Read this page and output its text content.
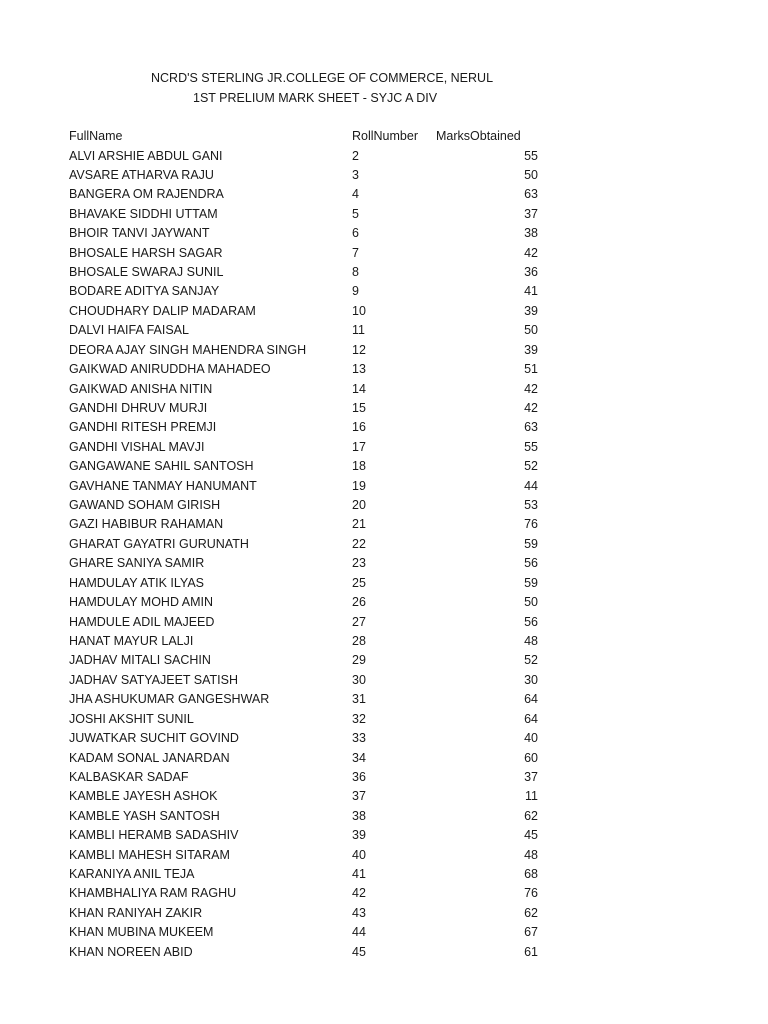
NCRD'S STERLING JR.COLLEGE OF COMMERCE, NERUL
1ST PRELIUM MARK SHEET - SYJC A DIV
FullName	RollNumber MarksObtained
ALVI ARSHIE ABDUL GANI	2	55
AVSARE ATHARVA RAJU	3	50
BANGERA OM RAJENDRA	4	63
BHAVAKE SIDDHI UTTAM	5	37
BHOIR TANVI JAYWANT	6	38
BHOSALE HARSH SAGAR	7	42
BHOSALE SWARAJ SUNIL	8	36
BODARE ADITYA SANJAY	9	41
CHOUDHARY DALIP MADARAM	10	39
DALVI HAIFA FAISAL	11	50
DEORA AJAY SINGH MAHENDRA SINGH	12	39
GAIKWAD ANIRUDDHA MAHADEO	13	51
GAIKWAD ANISHA NITIN	14	42
GANDHI DHRUV MURJI	15	42
GANDHI RITESH PREMJI	16	63
GANDHI VISHAL MAVJI	17	55
GANGAWANE SAHIL SANTOSH	18	52
GAVHANE TANMAY HANUMANT	19	44
GAWAND SOHAM GIRISH	20	53
GAZI HABIBUR RAHAMAN	21	76
GHARAT GAYATRI GURUNATH	22	59
GHARE SANIYA SAMIR	23	56
HAMDULAY ATIK ILYAS	25	59
HAMDULAY MOHD AMIN	26	50
HAMDULE ADIL MAJEED	27	56
HANAT MAYUR LALJI	28	48
JADHAV MITALI SACHIN	29	52
JADHAV SATYAJEET SATISH	30	30
JHA ASHUKUMAR GANGESHWAR	31	64
JOSHI AKSHIT SUNIL	32	64
JUWATKAR SUCHIT GOVIND	33	40
KADAM SONAL JANARDAN	34	60
KALBASKAR SADAF	36	37
KAMBLE JAYESH ASHOK	37	11
KAMBLE YASH SANTOSH	38	62
KAMBLI HERAMB SADASHIV	39	45
KAMBLI MAHESH SITARAM	40	48
KARANIYA ANIL TEJA	41	68
KHAMBHALIYA RAM RAGHU	42	76
KHAN RANIYAH ZAKIR	43	62
KHAN MUBINA MUKEEM	44	67
KHAN NOREEN ABID	45	61
